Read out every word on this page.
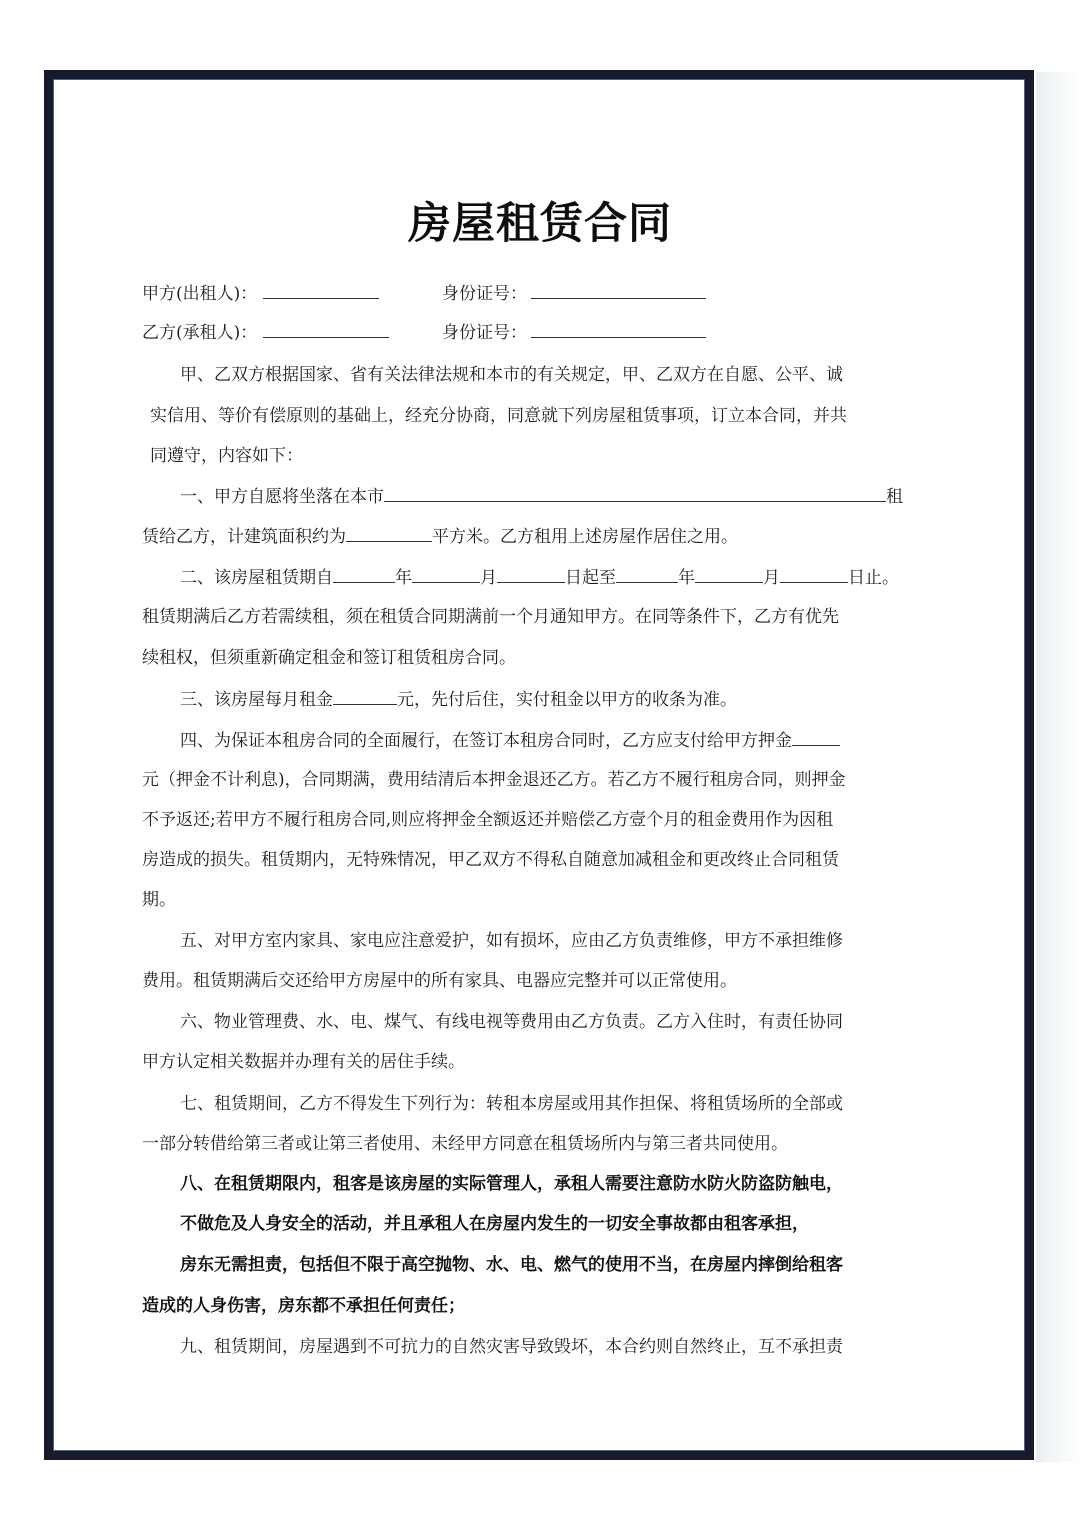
房屋租赁合同
甲方(出租人)：	身份证号：
乙方(承租人)：	身份证号：
甲、乙双方根据国家、省有关法律法规和本市的有关规定，甲、乙双方在自愿、公平、诚
实信用、等价有偿原则的基础上，经充分协商，同意就下列房屋租赁事项，订立本合同，并共
同遵守，内容如下：
一、甲方自愿将坐落在本市	租
赁给乙方，计建筑面积约为	平方米。乙方租用上述房屋作居住之用。
二、该房屋租赁期自	年	月	日起至	年	月	日止。
租赁期满后乙方若需续租，须在租赁合同期满前一个月通知甲方。在同等条件下，乙方有优先
续租权，但须重新确定租金和签订租赁租房合同。
三、该房屋每月租金	元，先付后住，实付租金以甲方的收条为准。
四、为保证本租房合同的全面履行，在签订本租房合同时，乙方应支付给甲方押金
元（押金不计利息)，合同期满，费用结清后本押金退还乙方。若乙方不履行租房合同，则押金
不予返还;若甲方不履行租房合同,则应将押金全额返还并赔偿乙方壹个月的租金费用作为因租
房造成的损失。租赁期内，无特殊情况，甲乙双方不得私自随意加减租金和更改终止合同租赁
期。
五、对甲方室内家具、家电应注意爱护，如有损坏，应由乙方负责维修，甲方不承担维修
费用。租赁期满后交还给甲方房屋中的所有家具、电器应完整并可以正常使用。
六、物业管理费、水、电、煤气、有线电视等费用由乙方负责。乙方入住时，有责任协同
甲方认定相关数据并办理有关的居住手续。
七、租赁期间，乙方不得发生下列行为：转租本房屋或用其作担保、将租赁场所的全部或
一部分转借给第三者或让第三者使用、未经甲方同意在租赁场所内与第三者共同使用。
八、在租赁期限内，租客是该房屋的实际管理人，承租人需要注意防水防火防盗防触电，
不做危及人身安全的活动，并且承租人在房屋内发生的一切安全事故都由租客承担，
房东无需担责，包括但不限于高空抛物、水、电、燃气的使用不当，在房屋内摔倒给租客
造成的人身伤害，房东都不承担任何责任；
九、租赁期间，房屋遇到不可抗力的自然灾害导致毁坏，本合约则自然终止，互不承担责
